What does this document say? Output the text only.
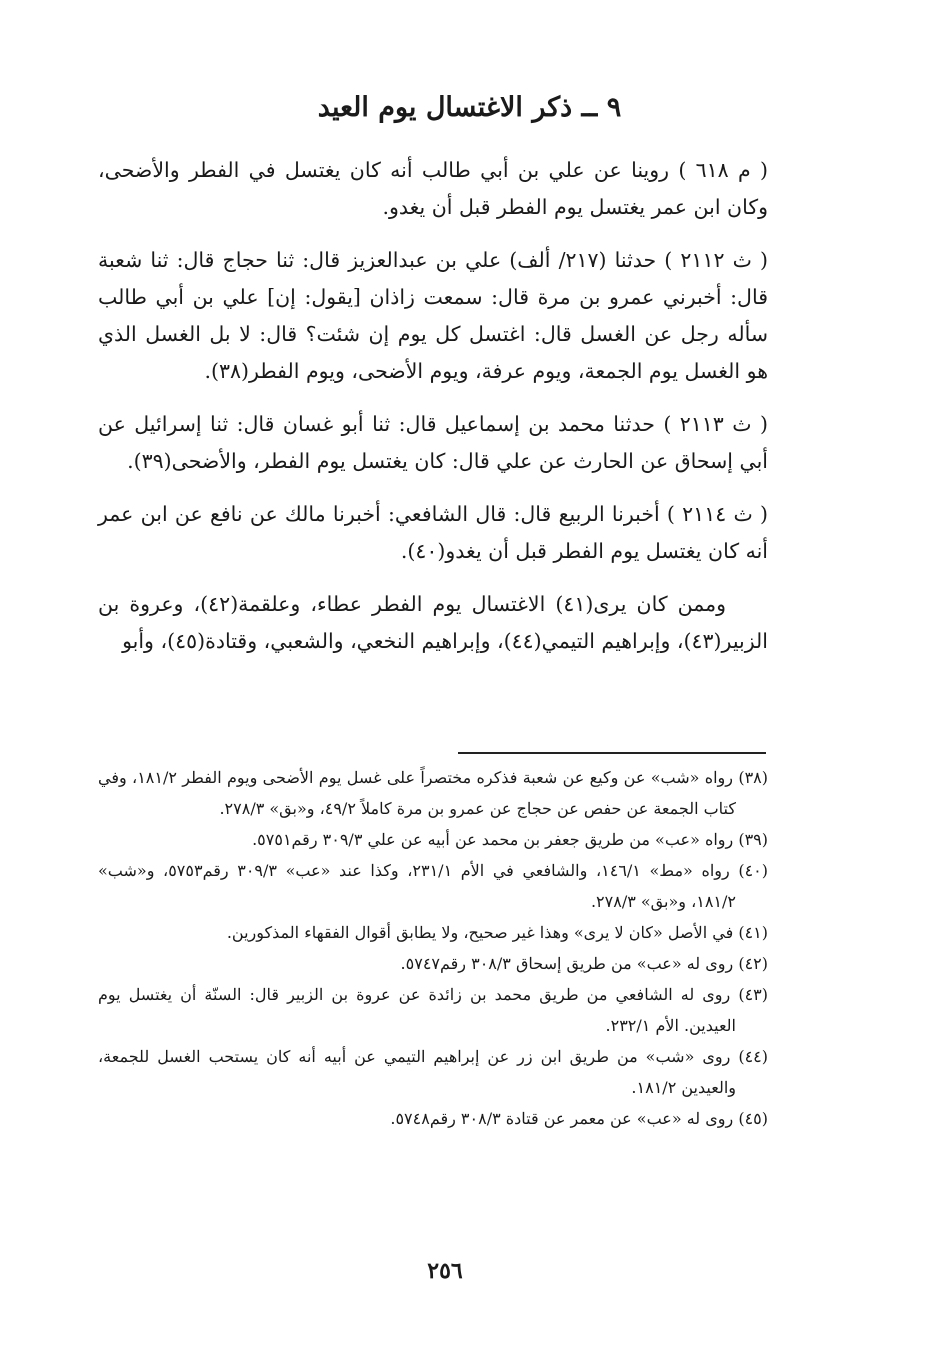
٩ ــ ذكر الاغتسال يوم العيد

( م ٦١٨ ) روينا عن علي بن أبي طالب أنه كان يغتسل في الفطر والأضحى، وكان ابن عمر يغتسل يوم الفطر قبل أن يغدو.

( ث ٢١١٢ ) حدثنا (٢١٧/ ألف) علي بن عبدالعزيز قال: ثنا حجاج قال: ثنا شعبة قال: أخبرني عمرو بن مرة قال: سمعت زاذان [يقول: إن] علي بن أبي طالب سأله رجل عن الغسل قال: اغتسل كل يوم إن شئت؟ قال: لا بل الغسل الذي هو الغسل يوم الجمعة، ويوم عرفة، ويوم الأضحى، ويوم الفطر(٣٨).

( ث ٢١١٣ ) حدثنا محمد بن إسماعيل قال: ثنا أبو غسان قال: ثنا إسرائيل عن أبي إسحاق عن الحارث عن علي قال: كان يغتسل يوم الفطر، والأضحى(٣٩).

( ث ٢١١٤ ) أخبرنا الربيع قال: قال الشافعي: أخبرنا مالك عن نافع عن ابن عمر أنه كان يغتسل يوم الفطر قبل أن يغدو(٤٠).

وممن كان يرى(٤١) الاغتسال يوم الفطر عطاء، وعلقمة(٤٢)، وعروة بن الزبير(٤٣)، وإبراهيم التيمي(٤٤)، وإبراهيم النخعي، والشعبي، وقتادة(٤٥)، وأبو

(٣٨) رواه «شب» عن وكيع عن شعبة فذكره مختصراً على غسل يوم الأضحى ويوم الفطر ١٨١/٢، وفي كتاب الجمعة عن حفص عن حجاج عن عمرو بن مرة كاملاً ٤٩/٢، و«بق» ٢٧٨/٣.

(٣٩) رواه «عب» من طريق جعفر بن محمد عن أبيه عن علي ٣٠٩/٣ رقم٥٧٥١.

(٤٠) رواه «مط» ١٤٦/١، والشافعي في الأم ٢٣١/١، وكذا عند «عب» ٣٠٩/٣ رقم٥٧٥٣، و«شب» ١٨١/٢، و«بق» ٢٧٨/٣.

(٤١) في الأصل «كان لا يرى» وهذا غير صحيح، ولا يطابق أقوال الفقهاء المذكورين.

(٤٢) روى له «عب» من طريق إسحاق ٣٠٨/٣ رقم٥٧٤٧.

(٤٣) روى له الشافعي من طريق محمد بن زائدة عن عروة بن الزبير قال: السنّة أن يغتسل يوم العيدين. الأم ٢٣٢/١.

(٤٤) روى «شب» من طريق ابن زر عن إبراهيم التيمي عن أبيه أنه كان يستحب الغسل للجمعة، والعيدين ١٨١/٢.

(٤٥) روى له «عب» عن معمر عن قتادة ٣٠٨/٣ رقم٥٧٤٨.

٢٥٦
